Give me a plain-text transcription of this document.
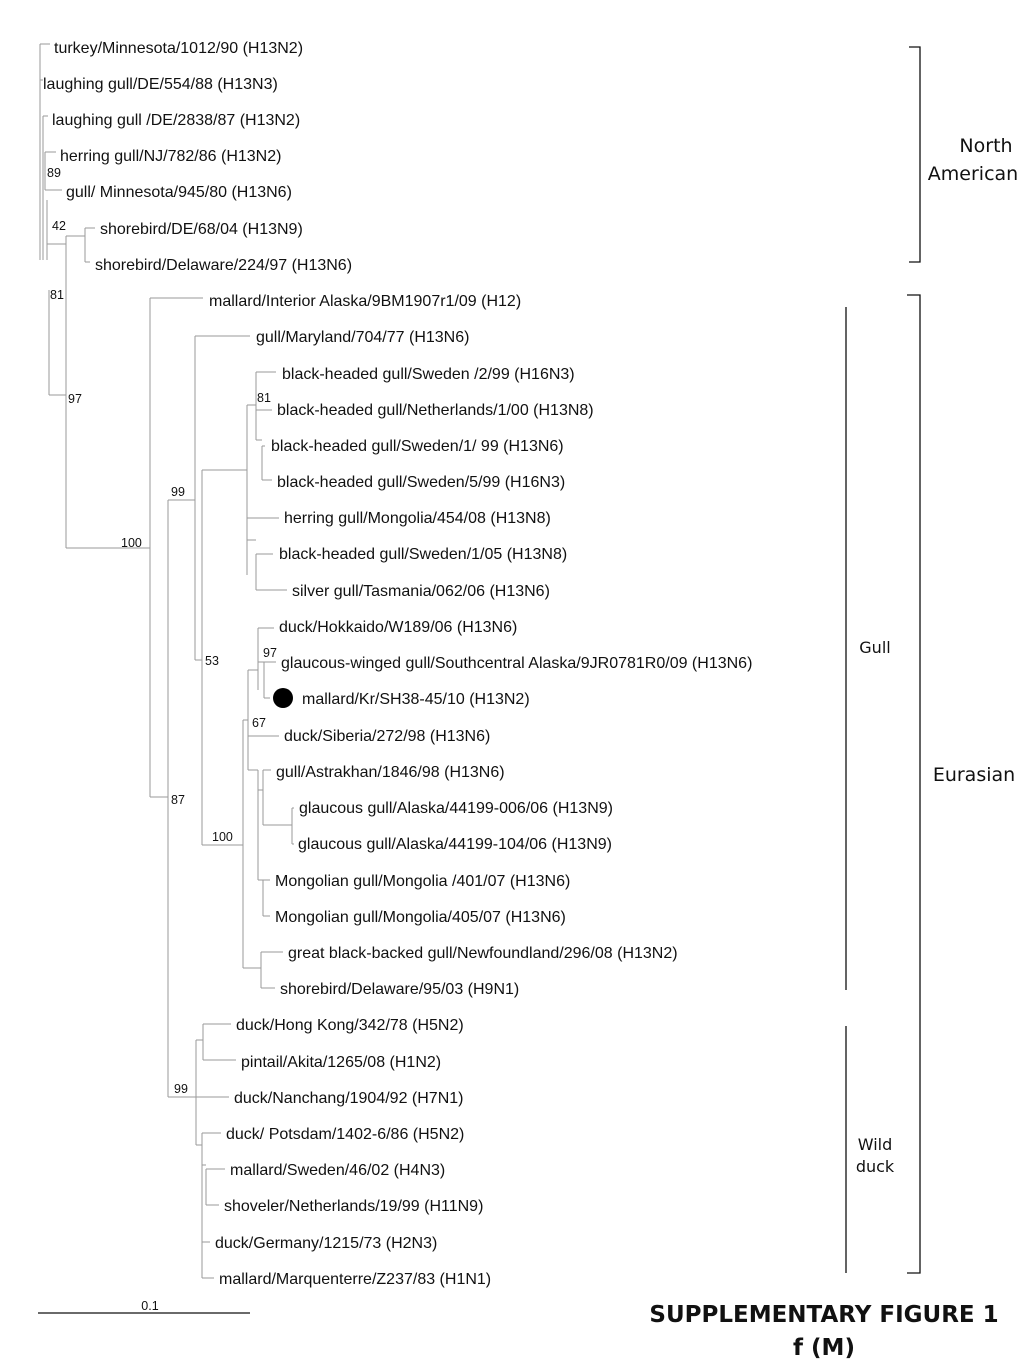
turkey/Minnesota/1012/90 (H13N2)
laughing gull/DE/554/88 (H13N3)
laughing gull /DE/2838/87 (H13N2)
herring gull/NJ/782/86 (H13N2)
gull/ Minnesota/945/80 (H13N6)
shorebird/DE/68/04 (H13N9)
shorebird/Delaware/224/97 (H13N6)
mallard/Interior Alaska/9BM1907r1/09 (H12)
gull/Maryland/704/77 (H13N6)
black-headed gull/Sweden /2/99 (H16N3)
black-headed gull/Netherlands/1/00 (H13N8)
black-headed gull/Sweden/1/ 99 (H13N6)
black-headed gull/Sweden/5/99 (H16N3)
herring gull/Mongolia/454/08 (H13N8)
black-headed gull/Sweden/1/05 (H13N8)
silver gull/Tasmania/062/06 (H13N6)
duck/Hokkaido/W189/06 (H13N6)
glaucous-winged gull/Southcentral Alaska/9JR0781R0/09 (H13N6)
mallard/Kr/SH38-45/10 (H13N2)
duck/Siberia/272/98 (H13N6)
gull/Astrakhan/1846/98 (H13N6)
glaucous gull/Alaska/44199-006/06 (H13N9)
glaucous gull/Alaska/44199-104/06 (H13N9)
Mongolian gull/Mongolia /401/07 (H13N6)
Mongolian gull/Mongolia/405/07 (H13N6)
great black-backed gull/Newfoundland/296/08 (H13N2)
shorebird/Delaware/95/03 (H9N1)
duck/Hong Kong/342/78 (H5N2)
pintail/Akita/1265/08 (H1N2)
duck/Nanchang/1904/92 (H7N1)
duck/ Potsdam/1402-6/86 (H5N2)
mallard/Sweden/46/02 (H4N3)
shoveler/Netherlands/19/99 (H11N9)
duck/Germany/1215/73 (H2N3)
mallard/Marquenterre/Z237/83 (H1N1)
89
42
81
97
100
99
81
87
53
97
67
100
99
North
American
Eurasian
Gull
Wild
duck
0.1	SUPPLEMENTARY FIGURE 1
f (M)
